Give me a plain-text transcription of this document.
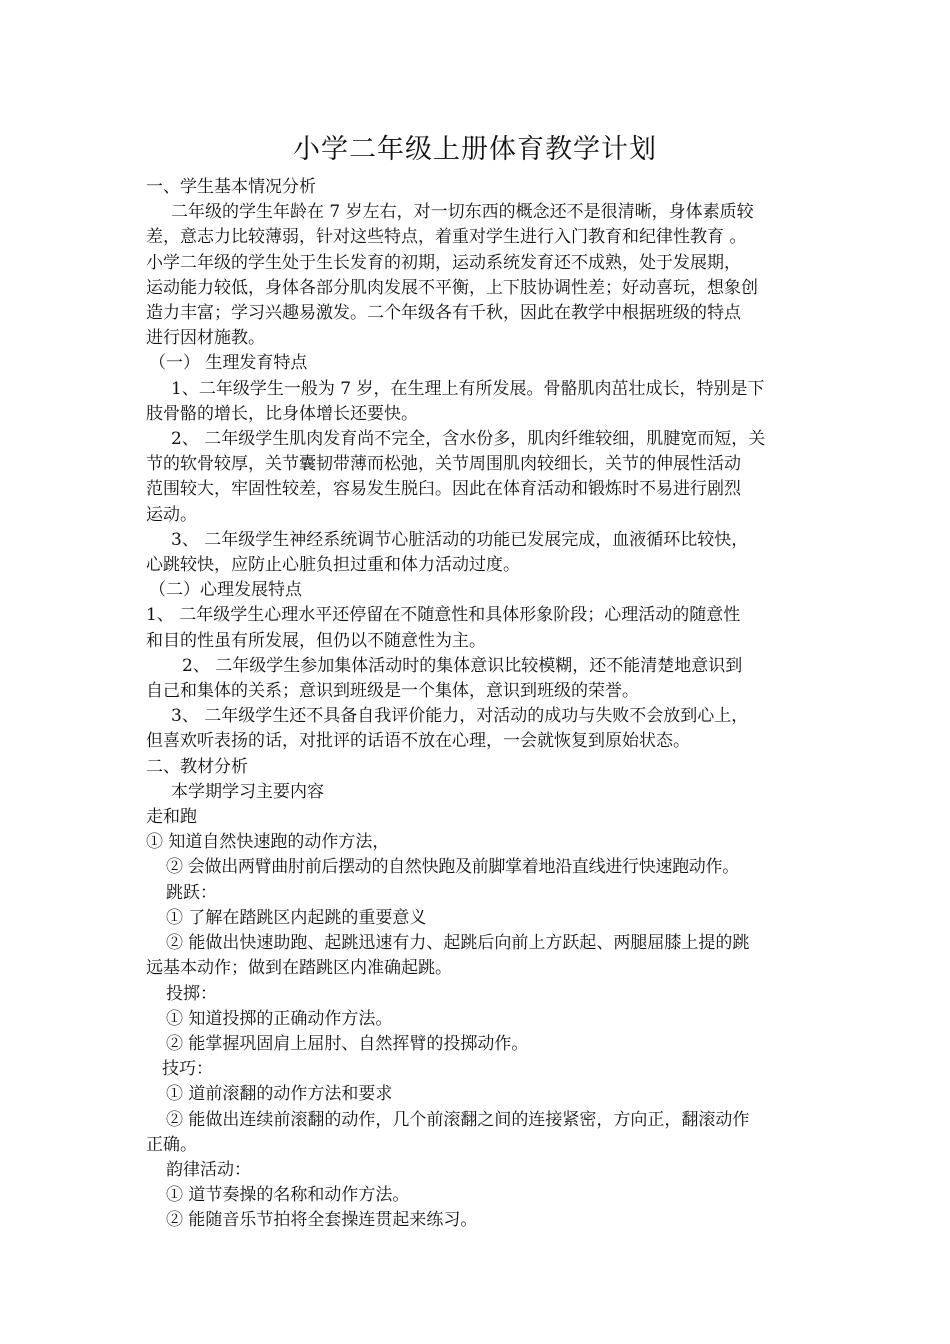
小学二年级上册体育教学计划

一、学生基本情况分析

二年级的学生年龄在 7 岁左右，对一切东西的概念还不是很清晰，身体素质较

差，意志力比较薄弱，针对这些特点，着重对学生进行入门教育和纪律性教育 。

小学二年级的学生处于生长发育的初期，运动系统发育还不成熟，处于发展期，

运动能力较低，身体各部分肌肉发展不平衡，上下肢协调性差；好动喜玩，想象创

造力丰富；学习兴趣易激发。二个年级各有千秋，因此在教学中根据班级的特点

进行因材施教。

（一） 生理发育特点

1、二年级学生一般为 7 岁，在生理上有所发展。骨骼肌肉茁壮成长，特别是下

肢骨骼的增长，比身体增长还要快。

2、 二年级学生肌肉发育尚不完全，含水份多，肌肉纤维较细，肌腱宽而短，关

节的软骨较厚，关节囊韧带薄而松弛，关节周围肌肉较细长，关节的伸展性活动

范围较大，牢固性较差，容易发生脱臼。因此在体育活动和锻炼时不易进行剧烈

运动。

3、 二年级学生神经系统调节心脏活动的功能已发展完成，血液循环比较快，

心跳较快，应防止心脏负担过重和体力活动过度。

（二）心理发展特点

1、 二年级学生心理水平还停留在不随意性和具体形象阶段；心理活动的随意性

和目的性虽有所发展，但仍以不随意性为主。

2、 二年级学生参加集体活动时的集体意识比较模糊，还不能清楚地意识到

自己和集体的关系；意识到班级是一个集体，意识到班级的荣誉。

3、 二年级学生还不具备自我评价能力，对活动的成功与失败不会放到心上，

但喜欢听表扬的话，对批评的话语不放在心理，一会就恢复到原始状态。

二、教材分析

本学期学习主要内容

走和跑

① 知道自然快速跑的动作方法，

② 会做出两臂曲肘前后摆动的自然快跑及前脚掌着地沿直线进行快速跑动作。

跳跃：

① 了解在踏跳区内起跳的重要意义

② 能做出快速助跑、起跳迅速有力、起跳后向前上方跃起、两腿屈膝上提的跳

远基本动作；做到在踏跳区内准确起跳。

投掷：

① 知道投掷的正确动作方法。

② 能掌握巩固肩上屈肘、自然挥臂的投掷动作。

技巧：

① 道前滚翻的动作方法和要求

② 能做出连续前滚翻的动作，几个前滚翻之间的连接紧密，方向正，翻滚动作

正确。

韵律活动：

① 道节奏操的名称和动作方法。

② 能随音乐节拍将全套操连贯起来练习。
